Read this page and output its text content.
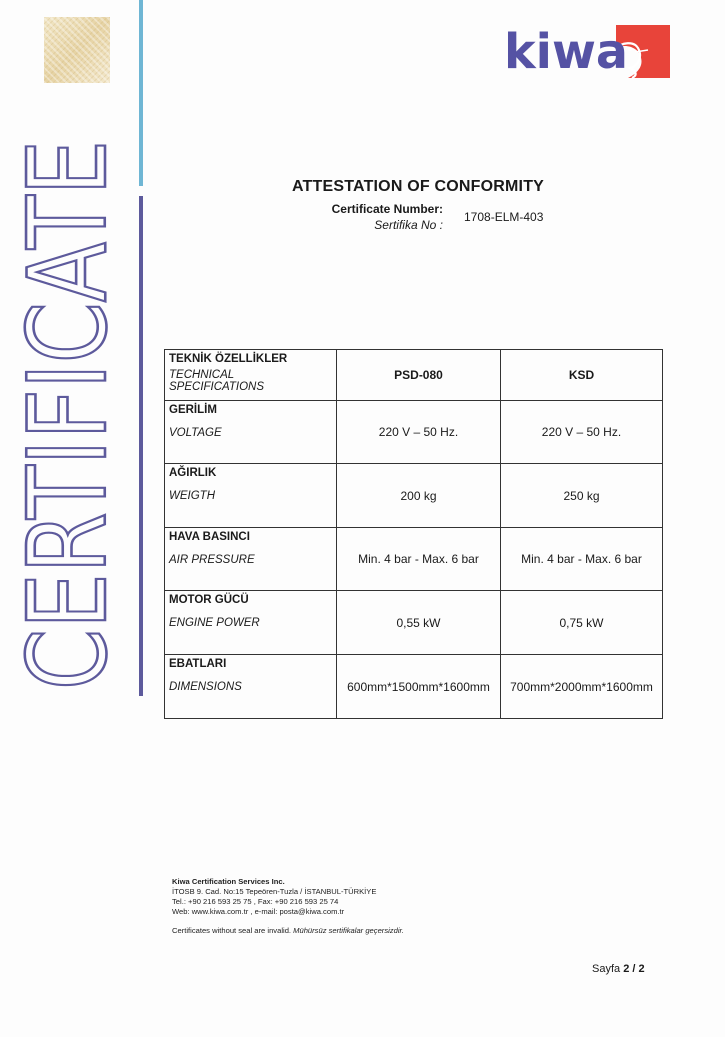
CERTIFICATE	kiwa
ATTESTATION OF CONFORMITY
Certificate Number:
Sertifika No :
1708-ELM-403
TEKNİK ÖZELLİKLER
TECHNICAL SPECIFICATIONS	PSD-080	KSD

GERİLİM
VOLTAGE	220 V – 50 Hz.	220 V – 50 Hz.

AĞIRLIK
WEIGTH	200 kg	250 kg

HAVA BASINCI
AIR PRESSURE	Min. 4 bar - Max. 6 bar	Min. 4 bar - Max. 6 bar

MOTOR GÜCÜ
ENGINE POWER	0,55 kW	0,75 kW

EBATLARI
DIMENSIONS	600mm*1500mm*1600mm	700mm*2000mm*1600mm
Kiwa Certification Services Inc.
İTOSB 9. Cad. No:15 Tepeören-Tuzla / İSTANBUL-TÜRKİYE
Tel.: +90 216 593 25 75 , Fax: +90 216 593 25 74
Web: www.kiwa.com.tr , e-mail: posta@kiwa.com.tr
Certificates without seal are invalid. Mühürsüz sertifikalar geçersizdir.
Sayfa 2 / 2
